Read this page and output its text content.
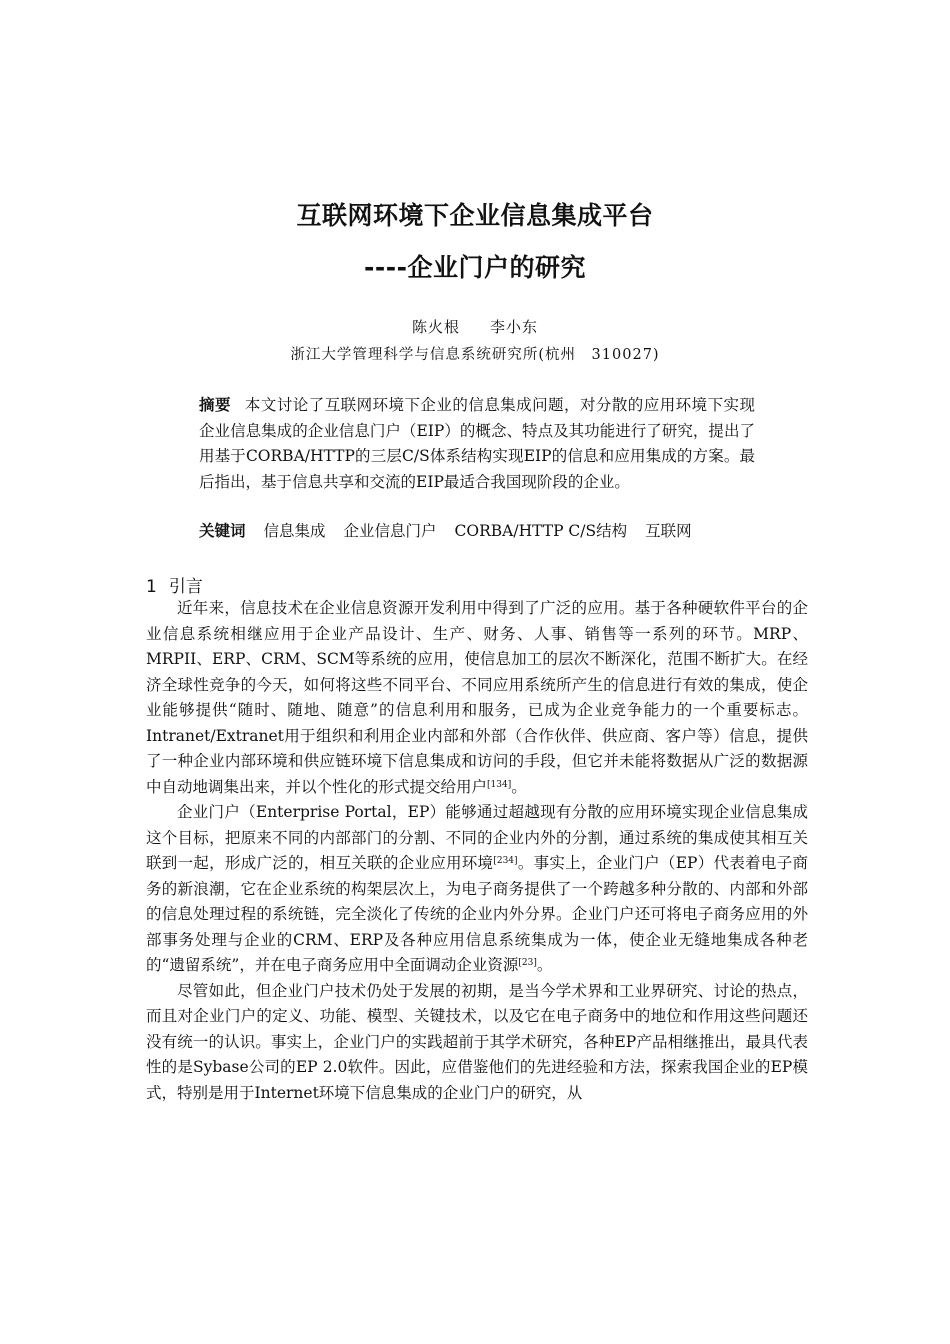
互联网环境下企业信息集成平台
----企业门户的研究
陈火根 李小东
浙江大学管理科学与信息系统研究所(杭州　310027)
摘要 本文讨论了互联网环境下企业的信息集成问题，对分散的应用环境下实现企业信息集成的企业信息门户（EIP）的概念、特点及其功能进行了研究，提出了用基于CORBA/HTTP的三层C/S体系结构实现EIP的信息和应用集成的方案。最后指出，基于信息共享和交流的EIP最适合我国现阶段的企业。
关键词 信息集成 企业信息门户 CORBA/HTTP C/S结构 互联网
1 引言

近年来，信息技术在企业信息资源开发利用中得到了广泛的应用。基于各种硬软件平台的企业信息系统相继应用于企业产品设计、生产、财务、人事、销售等一系列的环节。MRP、MRPII、ERP、CRM、SCM等系统的应用，使信息加工的层次不断深化，范围不断扩大。在经济全球性竞争的今天，如何将这些不同平台、不同应用系统所产生的信息进行有效的集成，使企业能够提供“随时、随地、随意”的信息利用和服务，已成为企业竞争能力的一个重要标志。Intranet/Extranet用于组织和利用企业内部和外部（合作伙伴、供应商、客户等）信息，提供了一种企业内部环境和供应链环境下信息集成和访问的手段，但它并未能将数据从广泛的数据源中自动地调集出来，并以个性化的形式提交给用户[134]。

企业门户（Enterprise Portal，EP）能够通过超越现有分散的应用环境实现企业信息集成这个目标，把原来不同的内部部门的分割、不同的企业内外的分割，通过系统的集成使其相互关联到一起，形成广泛的，相互关联的企业应用环境[234]。事实上，企业门户（EP）代表着电子商务的新浪潮，它在企业系统的构架层次上，为电子商务提供了一个跨越多种分散的、内部和外部的信息处理过程的系统链，完全淡化了传统的企业内外分界。企业门户还可将电子商务应用的外部事务处理与企业的CRM、ERP及各种应用信息系统集成为一体，使企业无缝地集成各种老的“遗留系统”，并在电子商务应用中全面调动企业资源[23]。

尽管如此，但企业门户技术仍处于发展的初期，是当今学术界和工业界研究、讨论的热点，而且对企业门户的定义、功能、模型、关键技术，以及它在电子商务中的地位和作用这些问题还没有统一的认识。事实上，企业门户的实践超前于其学术研究，各种EP产品相继推出，最具代表性的是Sybase公司的EP 2.0软件。因此，应借鉴他们的先进经验和方法，探索我国企业的EP模式，特别是用于Internet环境下信息集成的企业门户的研究，从
